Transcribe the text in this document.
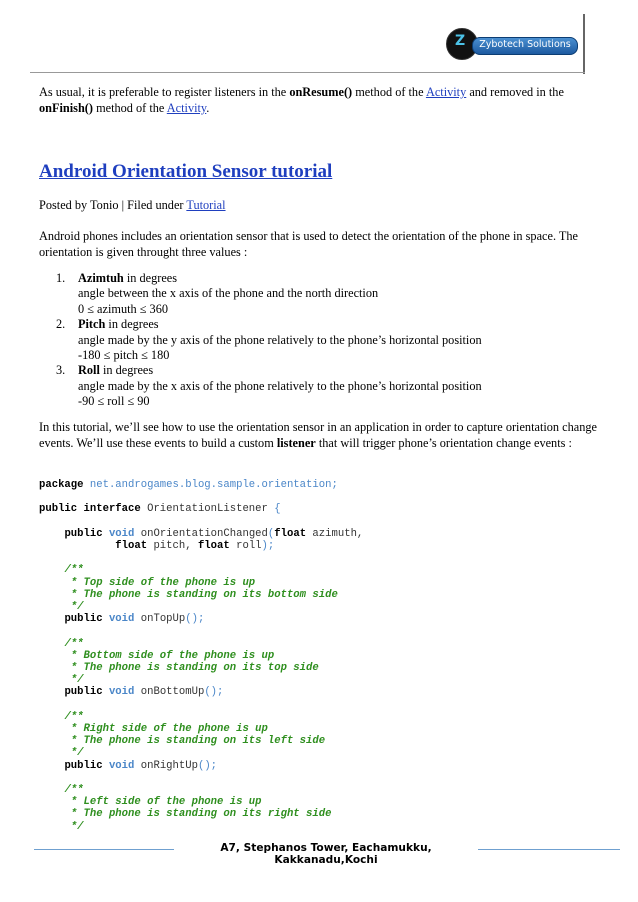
Z	Zybotech Solutions
As usual, it is preferable to register listeners in the onResume() method of the Activity and removed in the onFinish() method of the Activity.
Android Orientation Sensor tutorial
Posted by Tonio | Filed under Tutorial
Android phones includes an orientation sensor that is used to detect the orientation of the phone in space. The orientation is given throught three values :
1. Azimtuh in degrees
angle between the x axis of the phone and the north direction
0 ≤ azimuth ≤ 360
2. Pitch in degrees
angle made by the y axis of the phone relatively to the phone’s horizontal position
-180 ≤ pitch ≤ 180
3. Roll in degrees
angle made by the x axis of the phone relatively to the phone’s horizontal position
-90 ≤ roll ≤ 90
In this tutorial, we’ll see how to use the orientation sensor in an application in order to capture orientation change events. We’ll use these events to build a custom listener that will trigger phone’s orientation change events :
package net.androgames.blog.sample.orientation;

public interface OrientationListener {

public void onOrientationChanged(float azimuth,
float pitch, float roll);

/**
* Top side of the phone is up
* The phone is standing on its bottom side
*/
public void onTopUp();

/**
* Bottom side of the phone is up
* The phone is standing on its top side
*/
public void onBottomUp();

/**
* Right side of the phone is up
* The phone is standing on its left side
*/
public void onRightUp();

/**
* Left side of the phone is up
* The phone is standing on its right side
*/
A7, Stephanos Tower, Eachamukku, Kakkanadu,Kochi
